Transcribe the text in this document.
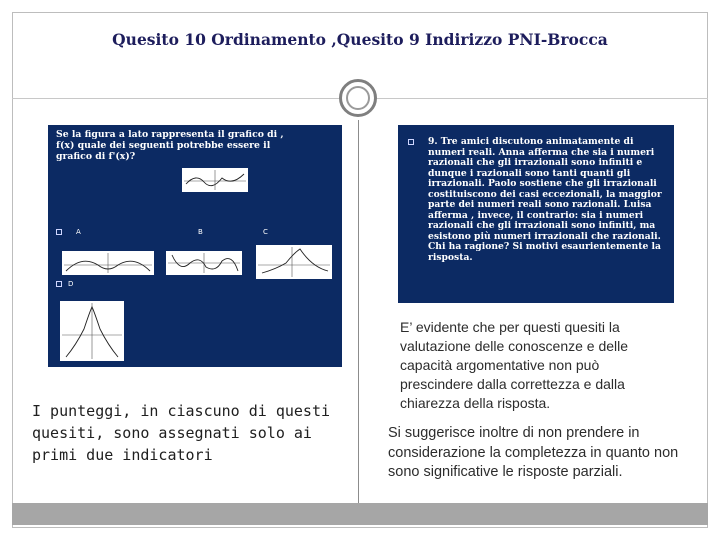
Quesito 10 Ordinamento ,Quesito 9 Indirizzo PNI-Brocca
Se la figura a lato rappresenta il grafico di , f(x) quale dei seguenti potrebbe essere il grafico di f'(x)?
A	B	C
D
9. Tre amici discutono animatamente di numeri reali. Anna afferma che sia i numeri razionali che gli irrazionali sono infiniti e dunque i razionali sono tanti quanti gli irrazionali. Paolo sostiene che gli irrazionali costituiscono dei casi eccezionali, la maggior parte dei numeri reali sono razionali. Luisa afferma , invece, il contrario: sia i numeri razionali che gli irrazionali sono infiniti, ma esistono più numeri irrazionali che razionali. Chi ha ragione? Si motivi esaurientemente la risposta.
I punteggi, in ciascuno di questi quesiti, sono assegnati solo ai primi due indicatori
E’ evidente che per questi quesiti la valutazione delle conoscenze e delle capacità argomentative non può prescindere dalla correttezza e dalla chiarezza della risposta.
Si suggerisce inoltre di non prendere in considerazione la completezza in quanto non sono significative le risposte parziali.
